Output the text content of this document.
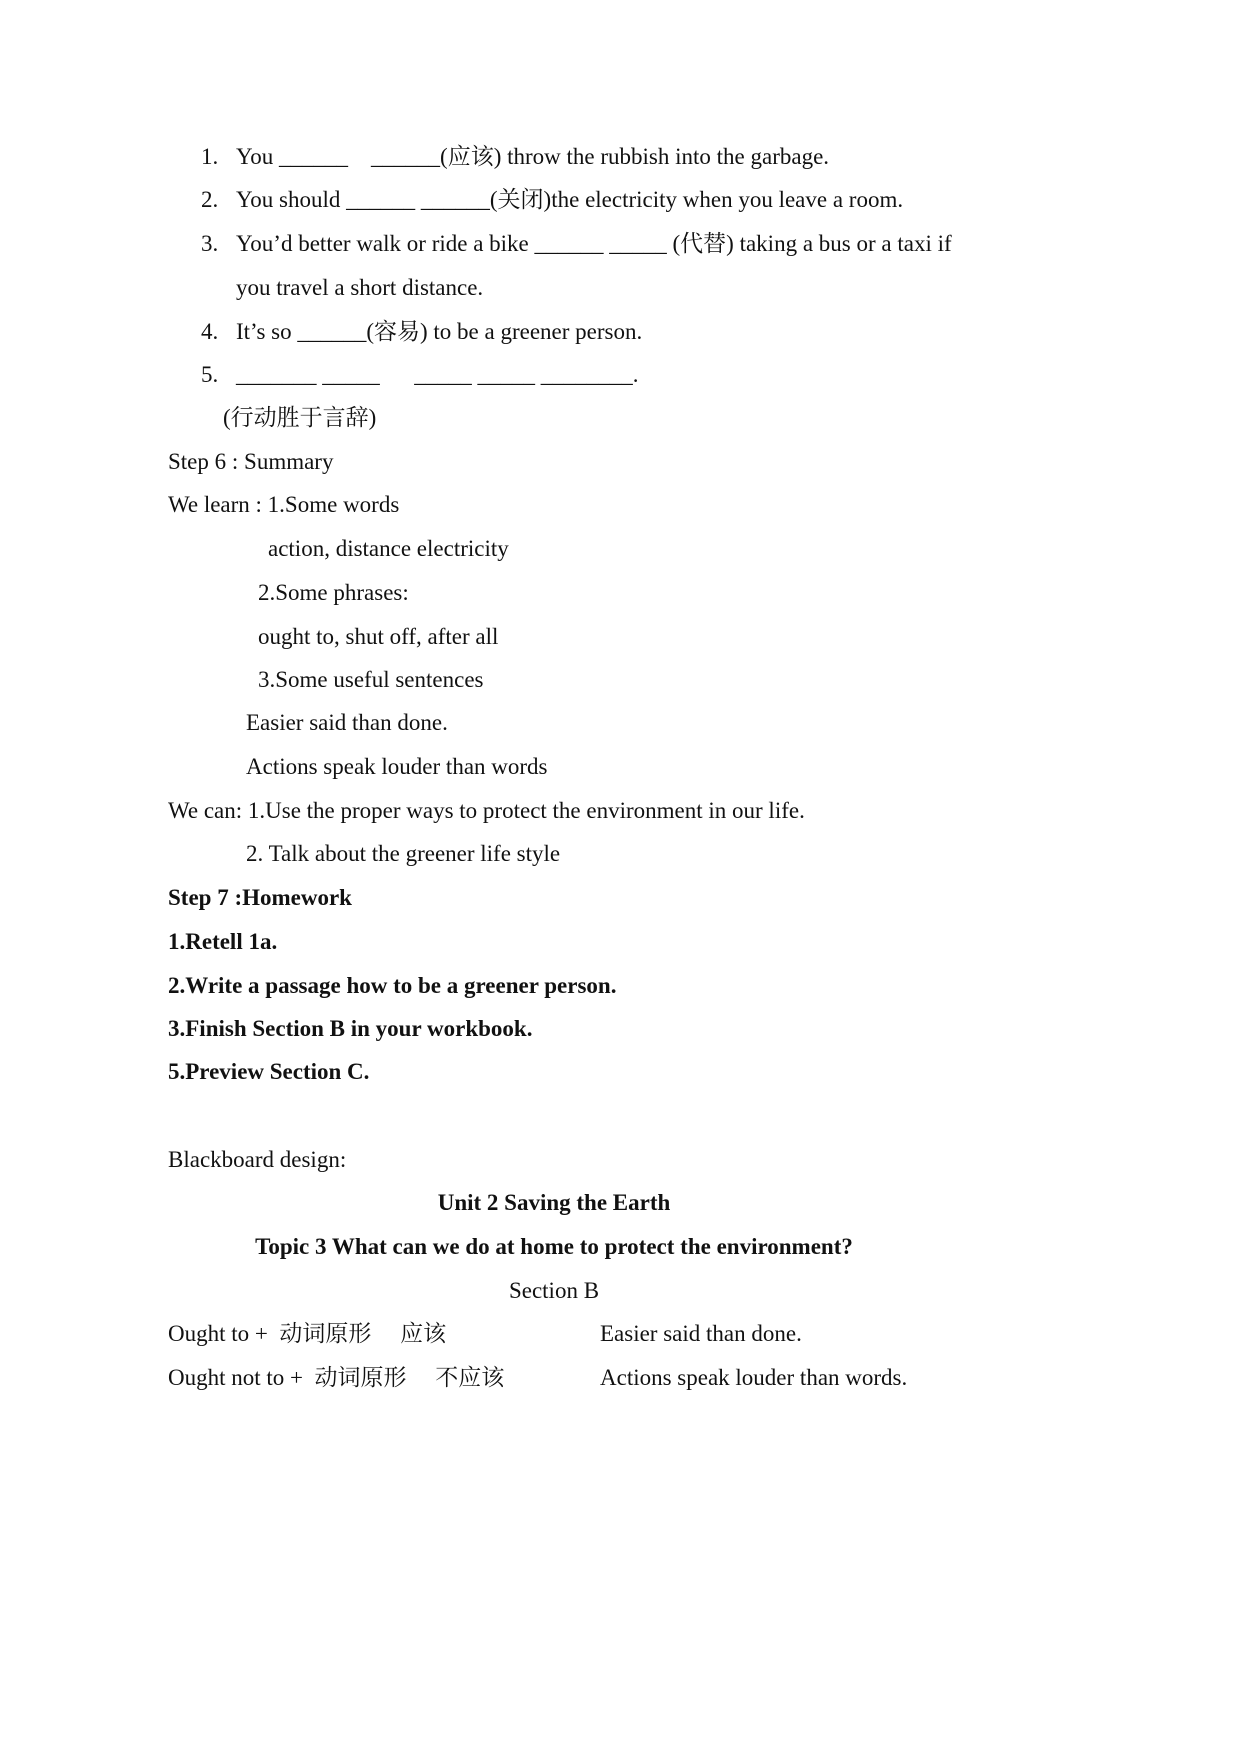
1. You ______    ______(应该) throw the rubbish into the garbage.
2. You should ______ ______(关闭)the electricity when you leave a room.
3. You’d better walk or ride a bike ______ _____ (代替) taking a bus or a taxi if
you travel a short distance.
4. It’s so ______(容易) to be a greener person.
5. _______ _____      _____ _____ ________.
(行动胜于言辞)
Step 6 : Summary
We learn : 1.Some words
action, distance electricity
2.Some phrases:
ought to, shut off, after all
3.Some useful sentences
Easier said than done.
Actions speak louder than words
We can: 1.Use the proper ways to protect the environment in our life.
2. Talk about the greener life style
Step 7 :Homework
1.Retell 1a.
2.Write a passage how to be a greener person.
3.Finish Section B in your workbook.
5.Preview Section C.
Blackboard design:
Unit 2 Saving the Earth
Topic 3 What can we do at home to protect the environment?
Section B
Ought to +  动词原形     应该	Easier said than done.
Ought not to +  动词原形     不应该	Actions speak louder than words.
